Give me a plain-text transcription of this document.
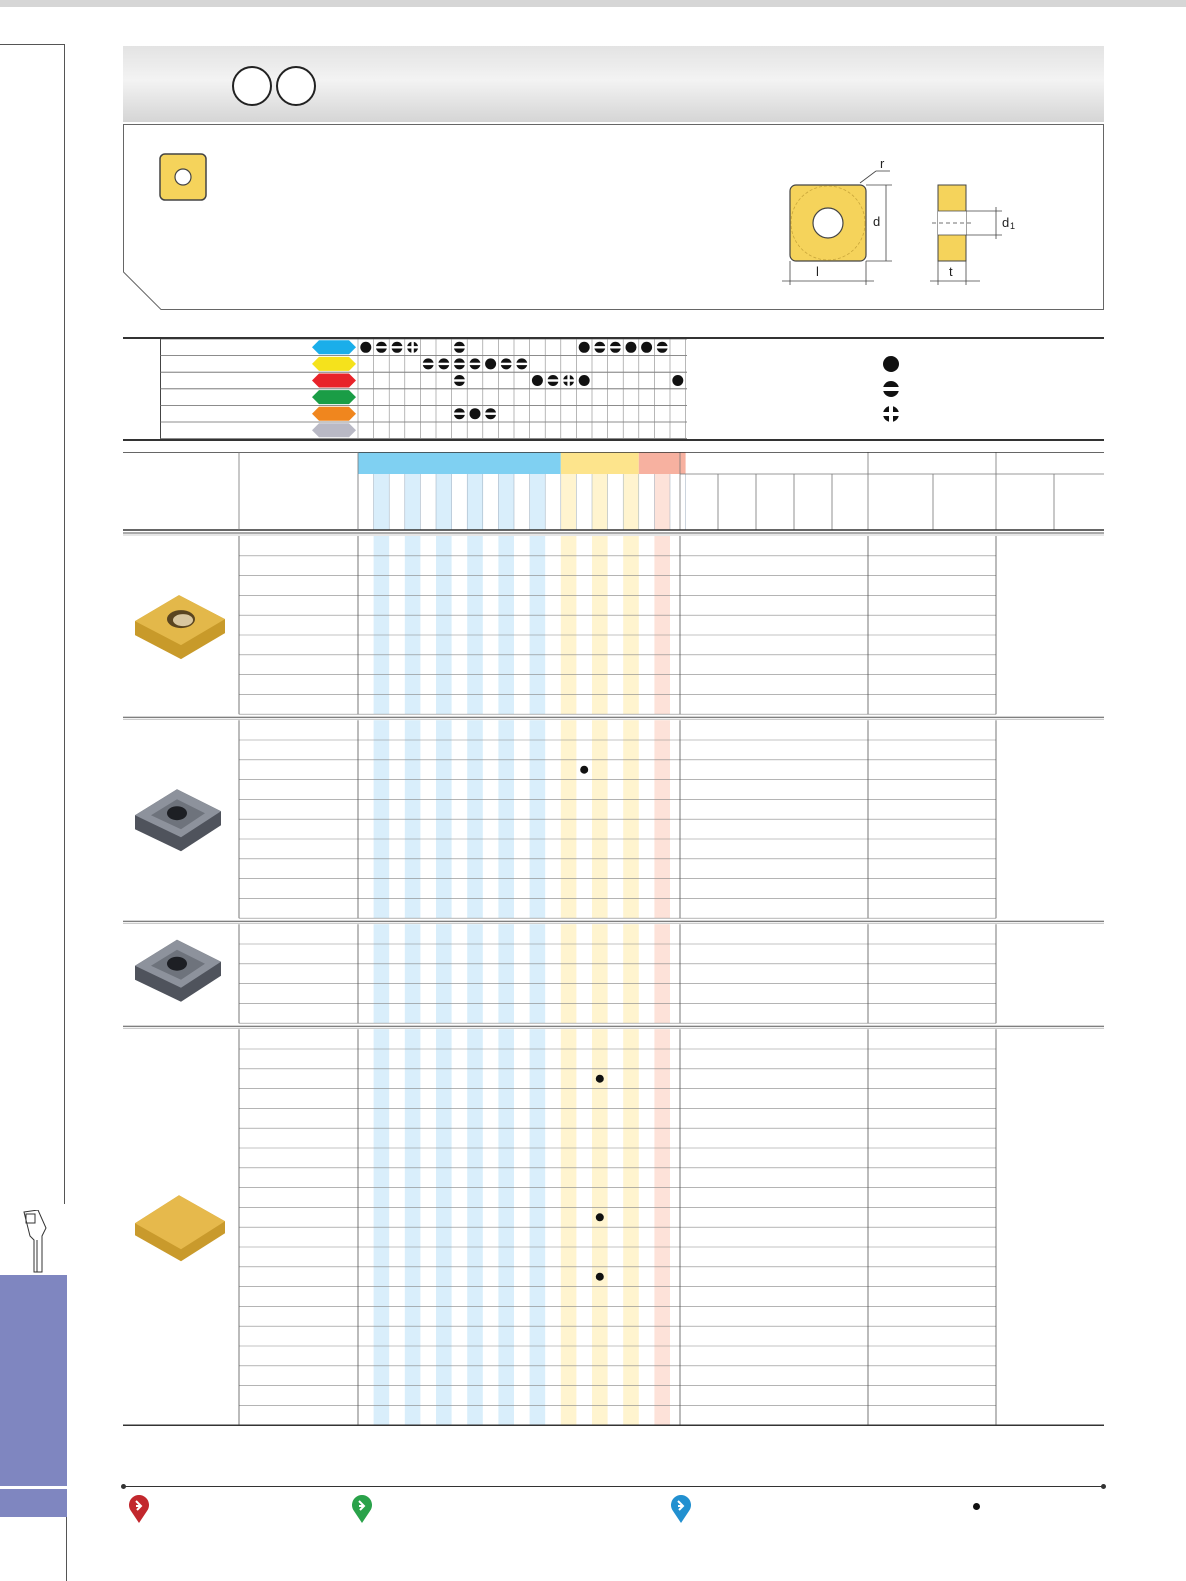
d
r
l
d 1
t
